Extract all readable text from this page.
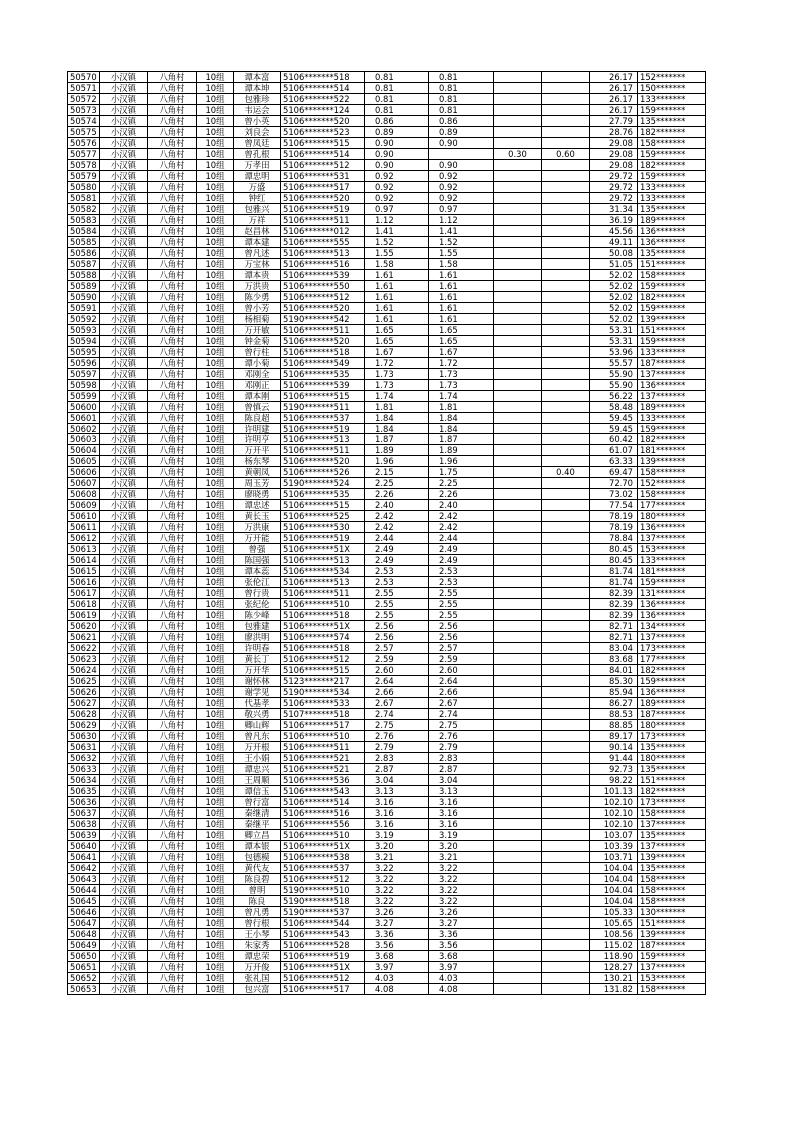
50570	小汉镇	八角村	10组	谭本富	5106*******518	0.81	0.81			26.17	152*******
50571	小汉镇	八角村	10组	谭本坤	5106*******514	0.81	0.81			26.17	150*******
50572	小汉镇	八角村	10组	包雅珍	5106*******522	0.81	0.81			26.17	133*******
50573	小汉镇	八角村	10组	韦运会	5106*******124	0.81	0.81			26.17	159*******
50574	小汉镇	八角村	10组	曾小英	5106*******520	0.86	0.86			27.79	135*******
50575	小汉镇	八角村	10组	刘良会	5106*******523	0.89	0.89			28.76	182*******
50576	小汉镇	八角村	10组	曾凤廷	5106*******515	0.90	0.90			29.08	158*******
50577	小汉镇	八角村	10组	曾孔根	5106*******514	0.90		0.30	0.60	29.08	159*******
50578	小汉镇	八角村	10组	万孝田	5106*******512	0.90	0.90			29.08	182*******
50579	小汉镇	八角村	10组	谭忠明	5106*******531	0.92	0.92			29.72	159*******
50580	小汉镇	八角村	10组	万盛	5106*******517	0.92	0.92			29.72	133*******
50581	小汉镇	八角村	10组	钟红	5106*******520	0.92	0.92			29.72	133*******
50582	小汉镇	八角村	10组	包雅兴	5106*******519	0.97	0.97			31.34	135*******
50583	小汉镇	八角村	10组	万祥	5106*******511	1.12	1.12			36.19	189*******
50584	小汉镇	八角村	10组	赵昌林	5106*******012	1.41	1.41			45.56	136*******
50585	小汉镇	八角村	10组	谭本建	5106*******555	1.52	1.52			49.11	136*******
50586	小汉镇	八角村	10组	曾凡述	5106*******513	1.55	1.55			50.08	135*******
50587	小汉镇	八角村	10组	万宝林	5106*******516	1.58	1.58			51.05	151*******
50588	小汉镇	八角村	10组	谭本贵	5106*******539	1.61	1.61			52.02	158*******
50589	小汉镇	八角村	10组	万洪贵	5106*******550	1.61	1.61			52.02	159*******
50590	小汉镇	八角村	10组	陈少勇	5106*******512	1.61	1.61			52.02	182*******
50591	小汉镇	八角村	10组	曾小芳	5106*******520	1.61	1.61			52.02	159*******
50592	小汉镇	八角村	10组	杨相菊	5190*******542	1.61	1.61			52.02	139*******
50593	小汉镇	八角村	10组	万开敏	5106*******511	1.65	1.65			53.31	151*******
50594	小汉镇	八角村	10组	钟金菊	5106*******520	1.65	1.65			53.31	159*******
50595	小汉镇	八角村	10组	曾行柱	5106*******518	1.67	1.67			53.96	133*******
50596	小汉镇	八角村	10组	谭小菊	5106*******549	1.72	1.72			55.57	187*******
50597	小汉镇	八角村	10组	邓刚全	5106*******535	1.73	1.73			55.90	137*******
50598	小汉镇	八角村	10组	邓刚正	5106*******539	1.73	1.73			55.90	136*******
50599	小汉镇	八角村	10组	谭本刚	5106*******515	1.74	1.74			56.22	137*******
50600	小汉镇	八角村	10组	曾慎云	5190*******511	1.81	1.81			58.48	189*******
50601	小汉镇	八角村	10组	陈良超	5106*******537	1.84	1.84			59.45	133*******
50602	小汉镇	八角村	10组	许明建	5106*******519	1.84	1.84			59.45	159*******
50603	小汉镇	八角村	10组	许明亨	5106*******513	1.87	1.87			60.42	182*******
50604	小汉镇	八角村	10组	万开平	5106*******511	1.89	1.89			61.07	181*******
50605	小汉镇	八角村	10组	杨东琴	5106*******520	1.96	1.96			63.33	139*******
50606	小汉镇	八角村	10组	黄朝凤	5106*******526	2.15	1.75		0.40	69.47	158*******
50607	小汉镇	八角村	10组	周玉芳	5190*******524	2.25	2.25			72.70	152*******
50608	小汉镇	八角村	10组	廖晓勇	5106*******535	2.26	2.26			73.02	158*******
50609	小汉镇	八角村	10组	谭忠述	5106*******515	2.40	2.40			77.54	177*******
50610	小汉镇	八角村	10组	黄长玉	5106*******525	2.42	2.42			78.19	180*******
50611	小汉镇	八角村	10组	万洪康	5106*******530	2.42	2.42			78.19	136*******
50612	小汉镇	八角村	10组	万开能	5106*******519	2.44	2.44			78.84	137*******
50613	小汉镇	八角村	10组	曾强	5106*******51X	2.49	2.49			80.45	153*******
50614	小汉镇	八角村	10组	陈国强	5106*******513	2.49	2.49			80.45	133*******
50615	小汉镇	八角村	10组	谭本蕊	5106*******534	2.53	2.53			81.74	181*******
50616	小汉镇	八角村	10组	张伦江	5106*******513	2.53	2.53			81.74	159*******
50617	小汉镇	八角村	10组	曾行贵	5106*******511	2.55	2.55			82.39	131*******
50618	小汉镇	八角村	10组	张纪伦	5106*******510	2.55	2.55			82.39	136*******
50619	小汉镇	八角村	10组	陈少峰	5106*******518	2.55	2.55			82.39	136*******
50620	小汉镇	八角村	10组	包雅建	5106*******51X	2.56	2.56			82.71	134*******
50621	小汉镇	八角村	10组	廖洪明	5106*******574	2.56	2.56			82.71	137*******
50622	小汉镇	八角村	10组	许明春	5106*******518	2.57	2.57			83.04	173*******
50623	小汉镇	八角村	10组	黄长丁	5106*******512	2.59	2.59			83.68	177*******
50624	小汉镇	八角村	10组	万开华	5106*******515	2.60	2.60			84.01	182*******
50625	小汉镇	八角村	10组	谢怀林	5123*******217	2.64	2.64			85.30	159*******
50626	小汉镇	八角村	10组	谢学见	5190*******534	2.66	2.66			85.94	136*******
50627	小汉镇	八角村	10组	代基孝	5106*******533	2.67	2.67			86.27	189*******
50628	小汉镇	八角村	10组	敬兴勇	5107*******518	2.74	2.74			88.53	187*******
50629	小汉镇	八角村	10组	卿山辉	5106*******517	2.75	2.75			88.85	180*******
50630	小汉镇	八角村	10组	曾凡东	5106*******510	2.76	2.76			89.17	173*******
50631	小汉镇	八角村	10组	万开根	5106*******511	2.79	2.79			90.14	135*******
50632	小汉镇	八角村	10组	王小娟	5106*******521	2.83	2.83			91.44	180*******
50633	小汉镇	八角村	10组	谭忠兴	5106*******521	2.87	2.87			92.73	135*******
50634	小汉镇	八角村	10组	王周顺	5106*******536	3.04	3.04			98.22	151*******
50635	小汉镇	八角村	10组	谭信玉	5106*******543	3.13	3.13			101.13	182*******
50636	小汉镇	八角村	10组	曾行富	5106*******514	3.16	3.16			102.10	173*******
50637	小汉镇	八角村	10组	秦继清	5106*******516	3.16	3.16			102.10	158*******
50638	小汉镇	八角村	10组	秦继平	5106*******556	3.16	3.16			102.10	137*******
50639	小汉镇	八角村	10组	卿立昌	5106*******510	3.19	3.19			103.07	135*******
50640	小汉镇	八角村	10组	谭本银	5106*******51X	3.20	3.20			103.39	137*******
50641	小汉镇	八角村	10组	包德模	5106*******538	3.21	3.21			103.71	139*******
50642	小汉镇	八角村	10组	黄代友	5106*******537	3.22	3.22			104.04	135*******
50643	小汉镇	八角村	10组	陈良碧	5106*******512	3.22	3.22			104.04	158*******
50644	小汉镇	八角村	10组	曾明	5190*******510	3.22	3.22			104.04	158*******
50645	小汉镇	八角村	10组	陈良	5190*******518	3.22	3.22			104.04	158*******
50646	小汉镇	八角村	10组	曾凡勇	5190*******537	3.26	3.26			105.33	130*******
50647	小汉镇	八角村	10组	曾行根	5106*******544	3.27	3.27			105.65	151*******
50648	小汉镇	八角村	10组	王小琴	5106*******543	3.36	3.36			108.56	139*******
50649	小汉镇	八角村	10组	朱家秀	5106*******528	3.56	3.56			115.02	187*******
50650	小汉镇	八角村	10组	谭忠荣	5106*******519	3.68	3.68			118.90	159*******
50651	小汉镇	八角村	10组	万开俊	5106*******51X	3.97	3.97			128.27	137*******
50652	小汉镇	八角村	10组	张礼国	5106*******512	4.03	4.03			130.21	153*******
50653	小汉镇	八角村	10组	包兴富	5106*******517	4.08	4.08			131.82	158*******
